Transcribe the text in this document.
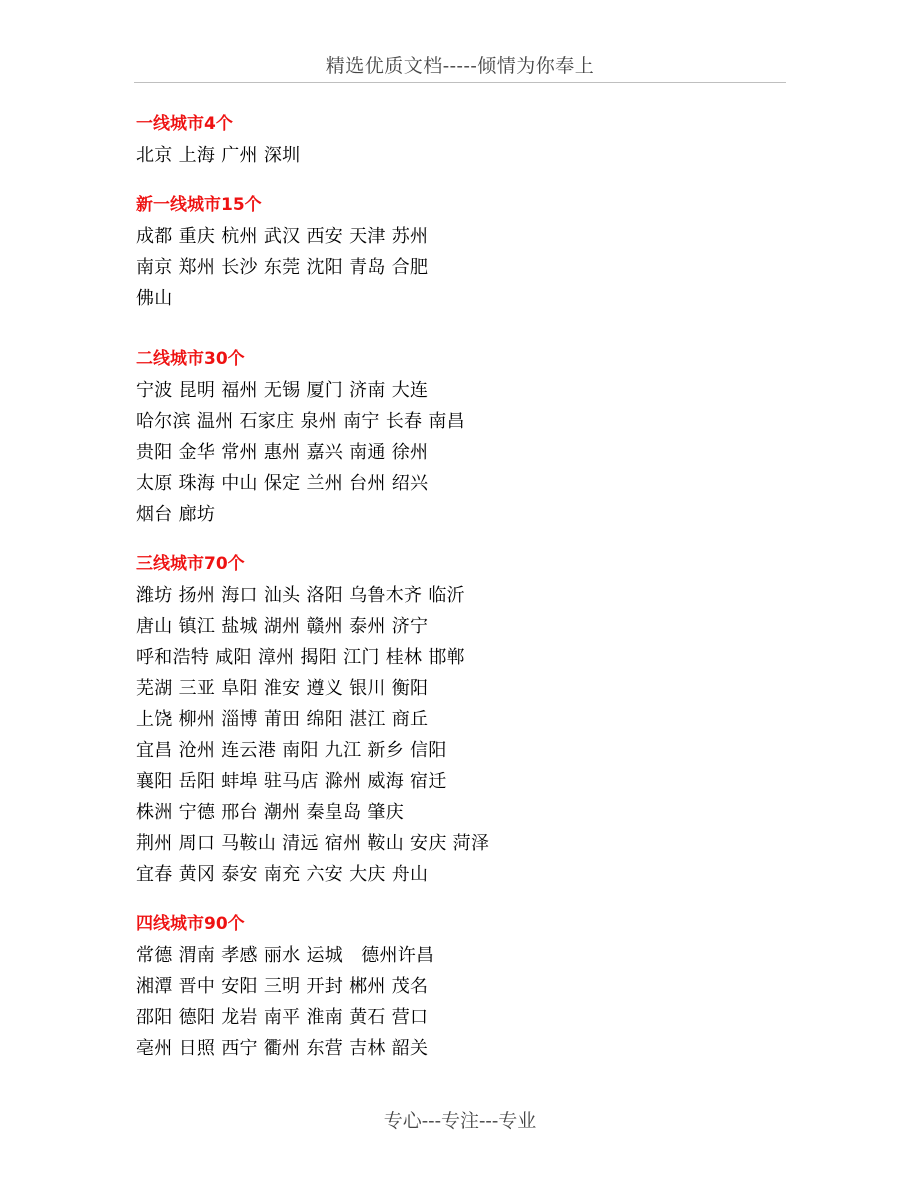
精选优质文档-----倾情为你奉上
一线城市4个
北京 上海 广州 深圳
新一线城市15个
成都 重庆 杭州 武汉 西安 天津 苏州
南京 郑州 长沙 东莞 沈阳 青岛 合肥
佛山
二线城市30个
宁波 昆明 福州 无锡 厦门 济南 大连
哈尔滨 温州 石家庄 泉州 南宁 长春 南昌
贵阳 金华 常州 惠州 嘉兴 南通 徐州
太原 珠海 中山 保定 兰州 台州 绍兴
烟台 廊坊
三线城市70个
潍坊 扬州 海口 汕头 洛阳 乌鲁木齐 临沂
唐山 镇江 盐城 湖州 赣州 泰州 济宁
呼和浩特 咸阳 漳州 揭阳 江门 桂林 邯郸
芜湖 三亚 阜阳 淮安 遵义 银川 衡阳
上饶 柳州 淄博 莆田 绵阳 湛江 商丘
宜昌 沧州 连云港 南阳 九江 新乡 信阳
襄阳 岳阳 蚌埠 驻马店 滁州 威海 宿迁
株洲 宁德 邢台 潮州 秦皇岛 肇庆
荆州 周口 马鞍山 清远 宿州 鞍山 安庆 菏泽
宜春 黄冈 泰安 南充 六安 大庆 舟山
四线城市90个
常德 渭南 孝感 丽水 运城   德州许昌
湘潭 晋中 安阳 三明 开封 郴州 茂名
邵阳 德阳 龙岩 南平 淮南 黄石 营口
亳州 日照 西宁 衢州 东营 吉林 韶关
专心---专注---专业
